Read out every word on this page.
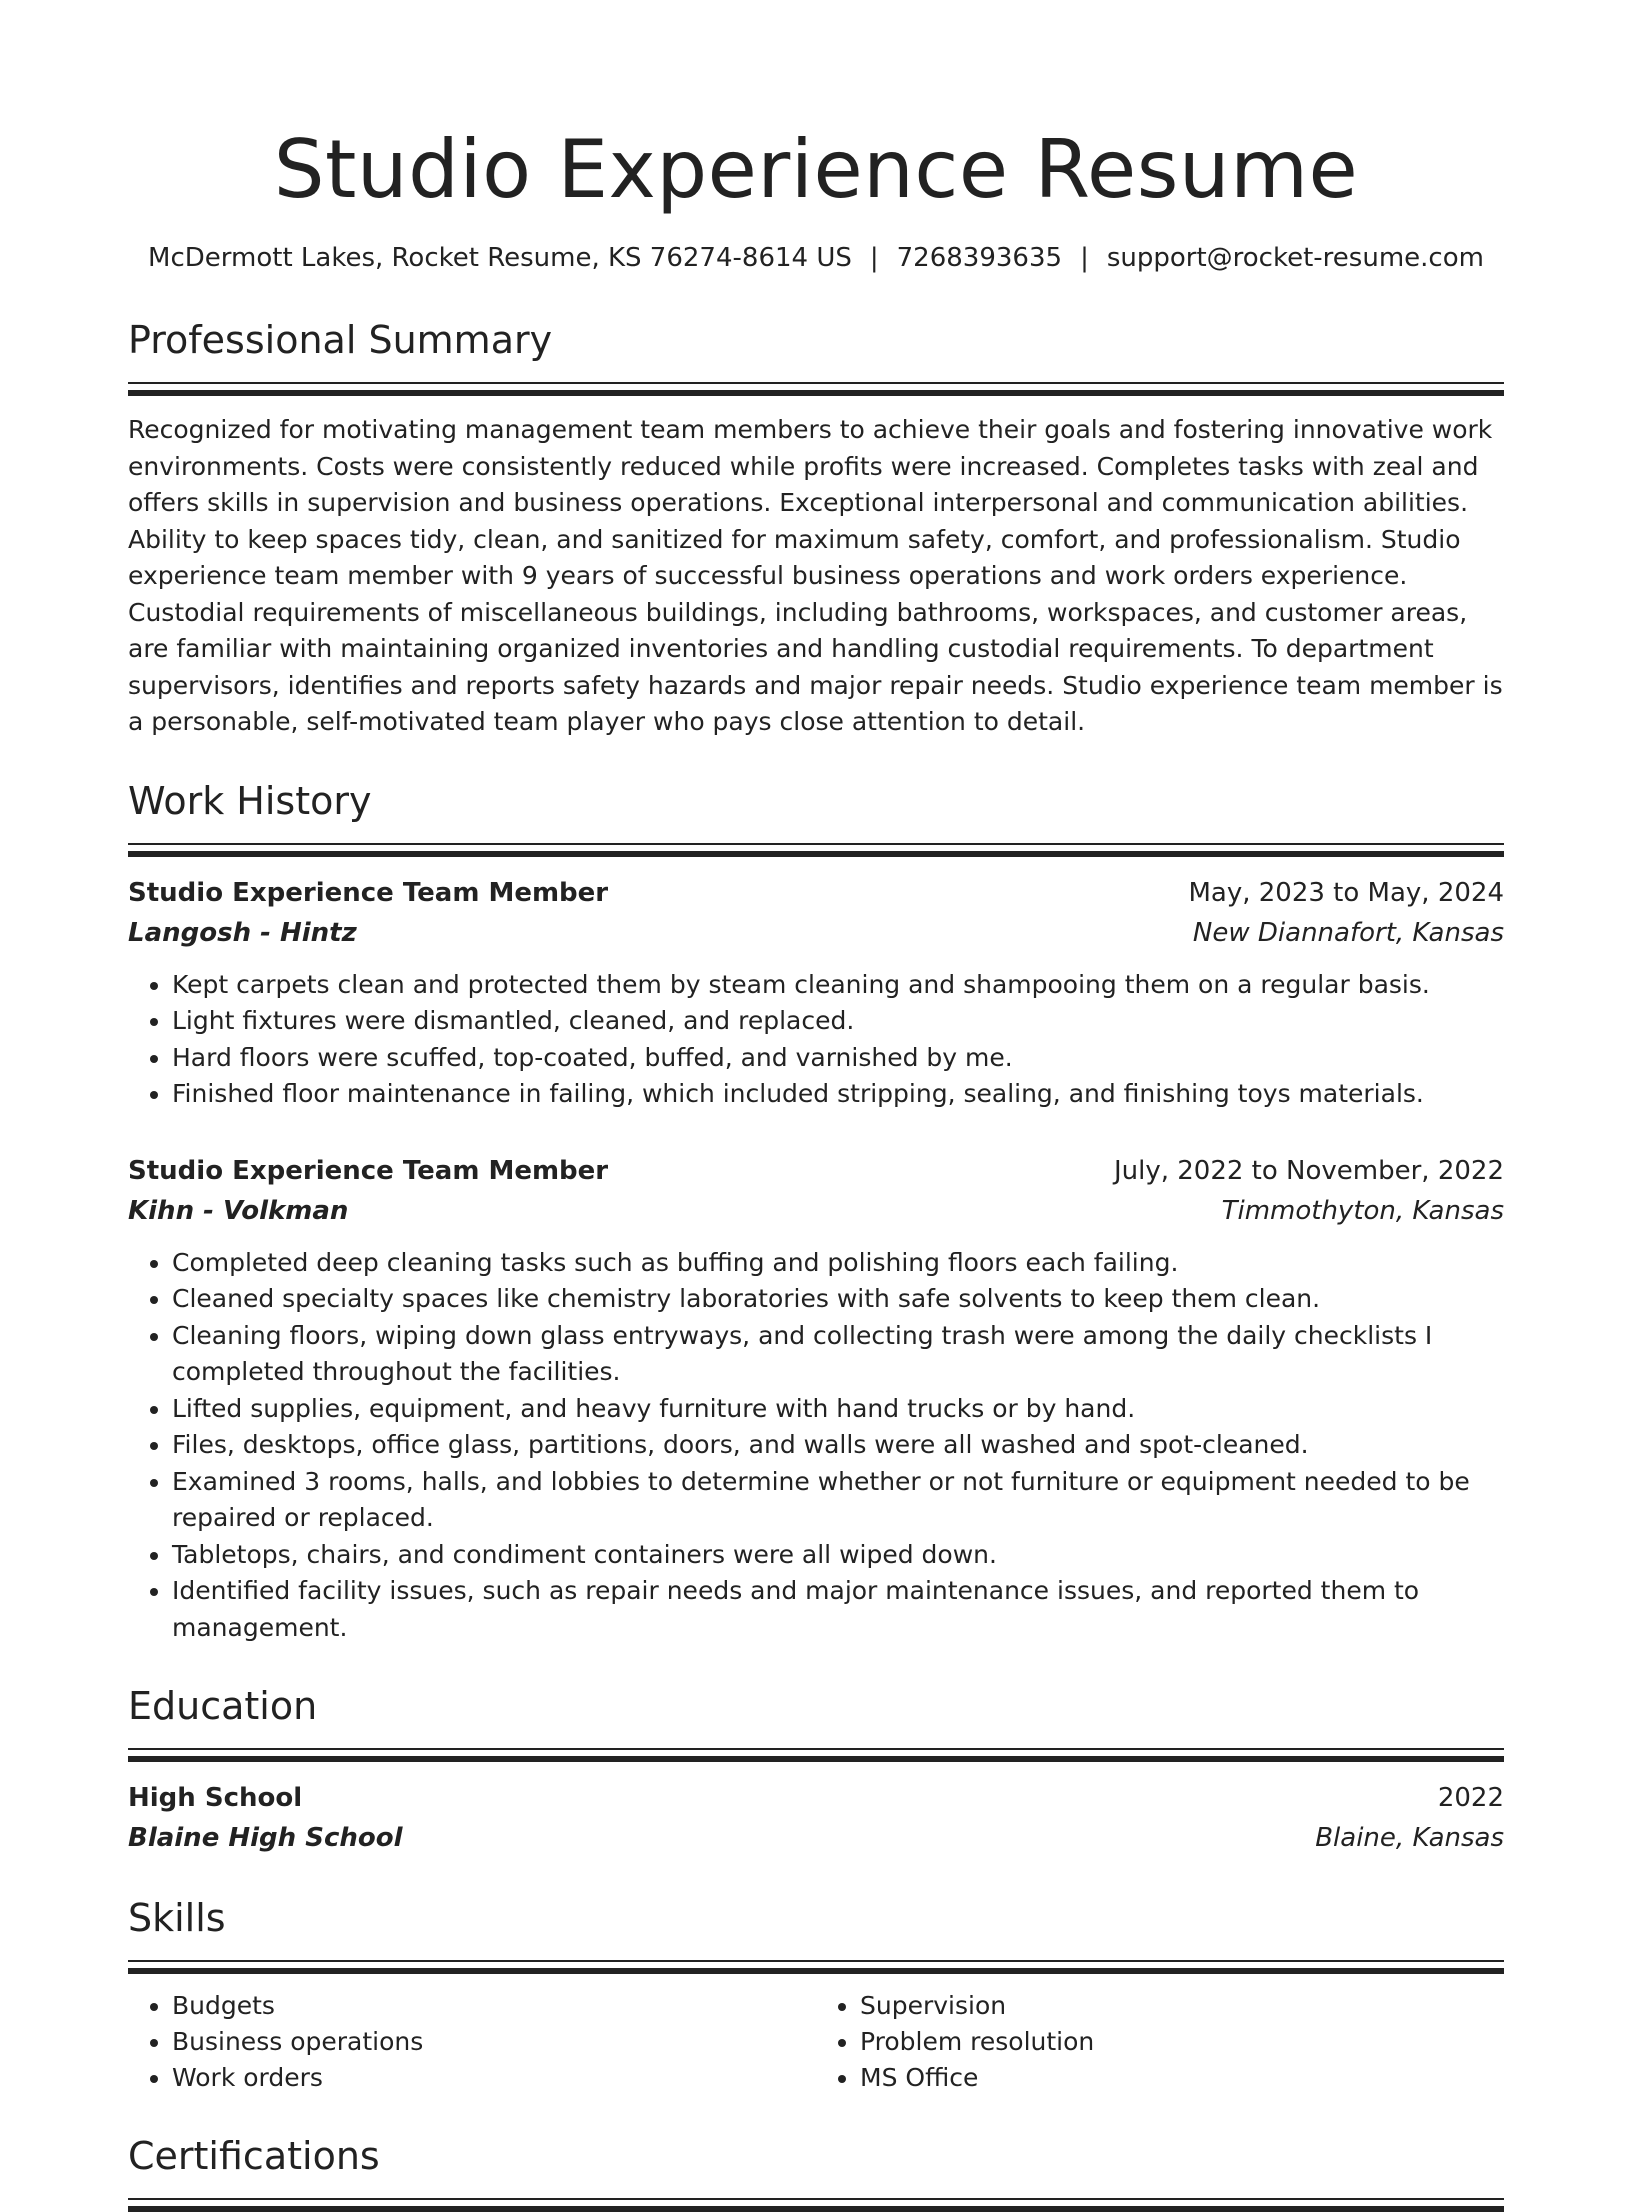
Studio Experience Resume
McDermott Lakes, Rocket Resume, KS 76274-8614 US | 7268393635 | support@rocket-resume.com
Professional Summary
Recognized for motivating management team members to achieve their goals and fostering innovative work environments. Costs were consistently reduced while profits were increased. Completes tasks with zeal and offers skills in supervision and business operations. Exceptional interpersonal and communication abilities. Ability to keep spaces tidy, clean, and sanitized for maximum safety, comfort, and professionalism. Studio experience team member with 9 years of successful business operations and work orders experience. Custodial requirements of miscellaneous buildings, including bathrooms, workspaces, and customer areas, are familiar with maintaining organized inventories and handling custodial requirements. To department supervisors, identifies and reports safety hazards and major repair needs. Studio experience team member is a personable, self-motivated team player who pays close attention to detail.
Work History
Studio Experience Team Member	May, 2023 to May, 2024
Langosh - Hintz	New Diannafort, Kansas
• Kept carpets clean and protected them by steam cleaning and shampooing them on a regular basis.
• Light fixtures were dismantled, cleaned, and replaced.
• Hard floors were scuffed, top-coated, buffed, and varnished by me.
• Finished floor maintenance in failing, which included stripping, sealing, and finishing toys materials.
Studio Experience Team Member	July, 2022 to November, 2022
Kihn - Volkman	Timmothyton, Kansas
• Completed deep cleaning tasks such as buffing and polishing floors each failing.
• Cleaned specialty spaces like chemistry laboratories with safe solvents to keep them clean.
• Cleaning floors, wiping down glass entryways, and collecting trash were among the daily checklists I completed throughout the facilities.
• Lifted supplies, equipment, and heavy furniture with hand trucks or by hand.
• Files, desktops, office glass, partitions, doors, and walls were all washed and spot-cleaned.
• Examined 3 rooms, halls, and lobbies to determine whether or not furniture or equipment needed to be repaired or replaced.
• Tabletops, chairs, and condiment containers were all wiped down.
• Identified facility issues, such as repair needs and major maintenance issues, and reported them to management.
Education
High School	2022
Blaine High School	Blaine, Kansas
Skills
• Budgets
• Business operations
• Work orders
• Supervision
• Problem resolution
• MS Office
Certifications
